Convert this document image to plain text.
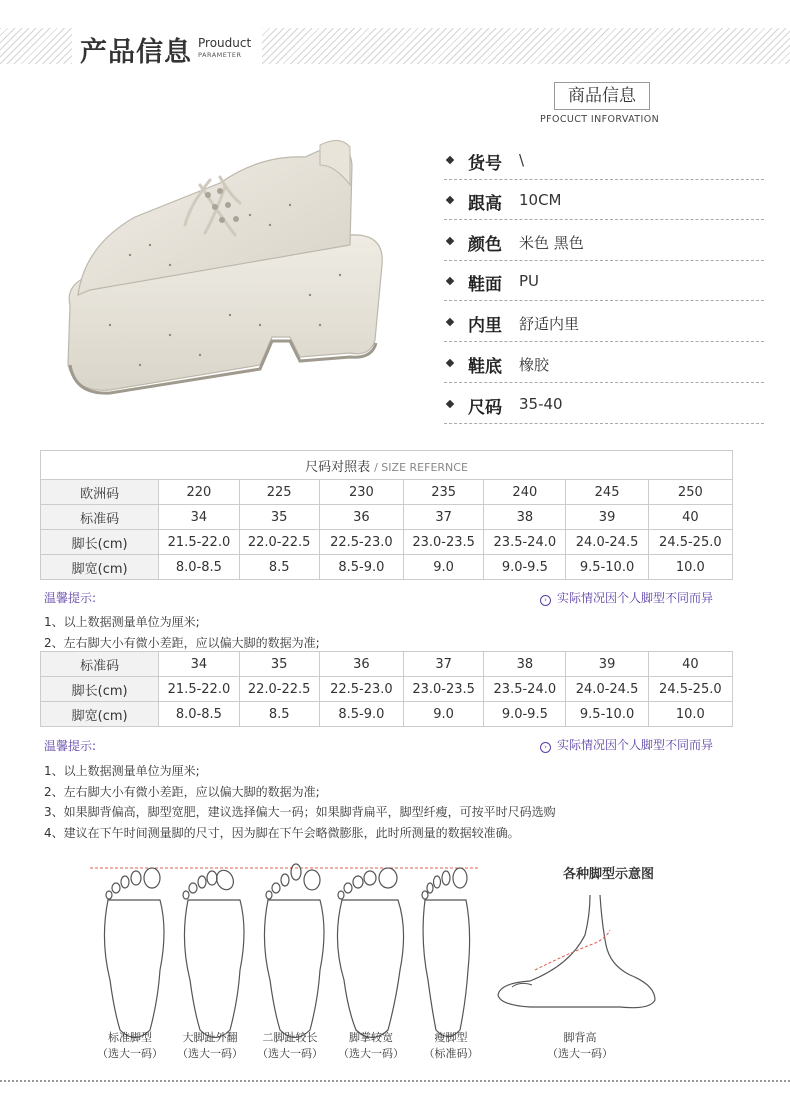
产品信息 Prouduct
PARAMETER
商品信息
PFOCUCT INFORVATION
货号 \
跟高 10CM
颜色 米色 黑色
鞋面 PU
内里 舒适内里
鞋底 橡胶
尺码 35-40
尺码对照表 / SIZE REFERNCE							
欧洲码	220	225	230	235	240	245	250
标准码	34	35	36	37	38	39	40
脚长(cm)	21.5-22.0	22.0-22.5	22.5-23.0	23.0-23.5	23.5-24.0	24.0-24.5	24.5-25.0
脚宽(cm)	8.0-8.5	8.5	8.5-9.0	9.0	9.0-9.5	9.5-10.0	10.0
温馨提示:	› 实际情况因个人脚型不同而异
1、以上数据测量单位为厘米;
2、左右脚大小有微小差距，应以偏大脚的数据为准;
标准码	34	35	36	37	38	39	40
脚长(cm)	21.5-22.0	22.0-22.5	22.5-23.0	23.0-23.5	23.5-24.0	24.0-24.5	24.5-25.0
脚宽(cm)	8.0-8.5	8.5	8.5-9.0	9.0	9.0-9.5	9.5-10.0	10.0
温馨提示:	› 实际情况因个人脚型不同而异
1、以上数据测量单位为厘米;
2、左右脚大小有微小差距，应以偏大脚的数据为准;
3、如果脚背偏高，脚型宽肥，建议选择偏大一码；如果脚背扁平，脚型纤瘦，可按平时尺码选购
4、建议在下午时间测量脚的尺寸，因为脚在下午会略微膨胀，此时所测量的数据较准确。
标准脚型
（选大一码）
大脚趾外翻
（选大一码）
二脚趾较长
（选大一码）
脚掌较宽
（选大一码）
瘦脚型
（标准码）
各种脚型示意图
脚背高
（选大一码）
